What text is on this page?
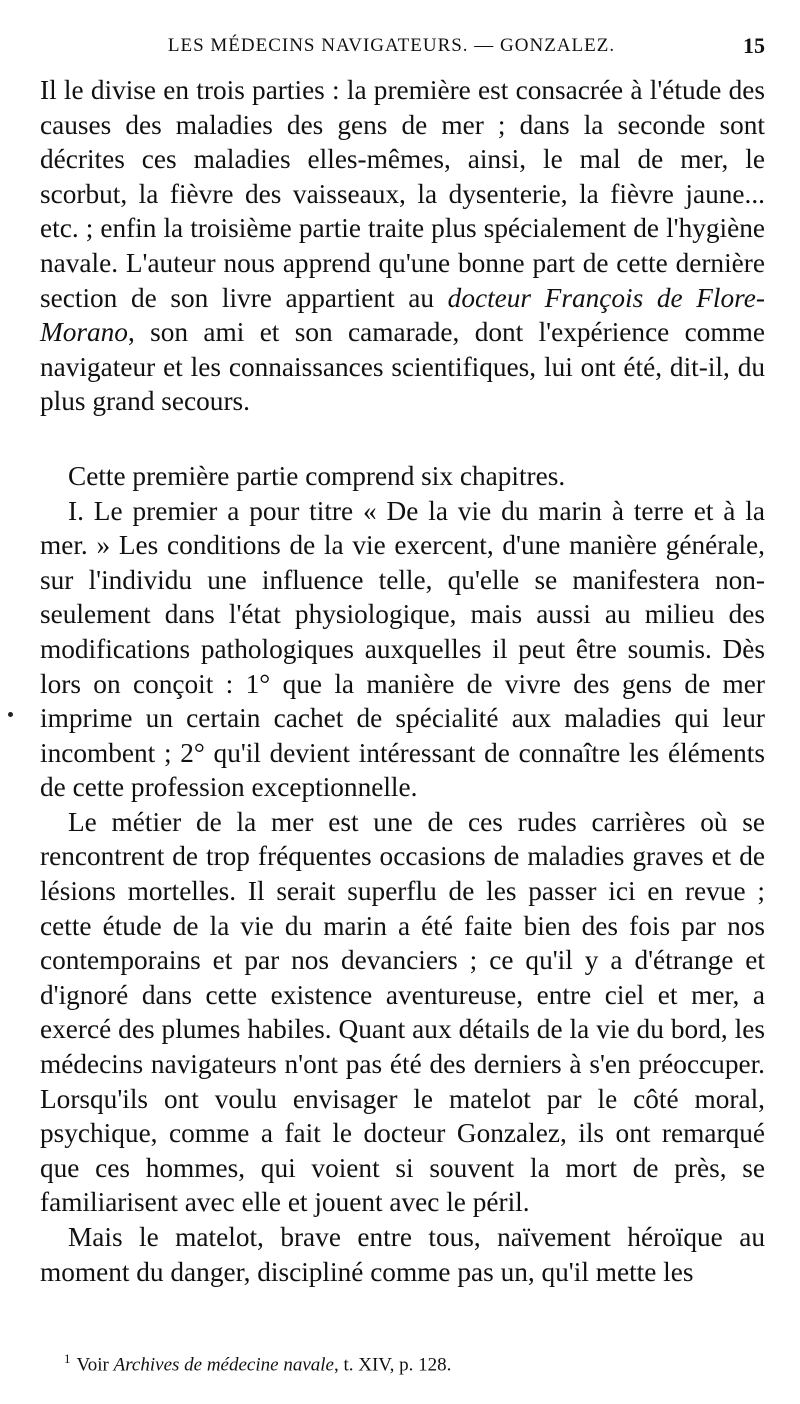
LES MÉDECINS NAVIGATEURS. — GONZALEZ.	15

Il le divise en trois parties : la première est consacrée à l'étude des causes des maladies des gens de mer ; dans la seconde sont décrites ces maladies elles-mêmes, ainsi, le mal de mer, le scorbut, la fièvre des vaisseaux, la dysenterie, la fièvre jaune... etc. ; enfin la troisième partie traite plus spécialement de l'hygiène navale. L'auteur nous apprend qu'une bonne part de cette dernière section de son livre appartient au docteur François de Flore-Morano, son ami et son camarade, dont l'expérience comme navigateur et les connaissances scientifiques, lui ont été, dit-il, du plus grand secours.

Cette première partie comprend six chapitres.

I. Le premier a pour titre « De la vie du marin à terre et à la mer. » Les conditions de la vie exercent, d'une manière générale, sur l'individu une influence telle, qu'elle se manifestera non-seulement dans l'état physiologique, mais aussi au milieu des modifications pathologiques auxquelles il peut être soumis. Dès lors on conçoit : 1° que la manière de vivre des gens de mer imprime un certain cachet de spécialité aux maladies qui leur incombent ; 2° qu'il devient intéressant de connaître les éléments de cette profession exceptionnelle.

Le métier de la mer est une de ces rudes carrières où se rencontrent de trop fréquentes occasions de maladies graves et de lésions mortelles. Il serait superflu de les passer ici en revue ; cette étude de la vie du marin a été faite bien des fois par nos contemporains et par nos devanciers ; ce qu'il y a d'étrange et d'ignoré dans cette existence aventureuse, entre ciel et mer, a exercé des plumes habiles. Quant aux détails de la vie du bord, les médecins navigateurs n'ont pas été des derniers à s'en préoccuper. Lorsqu'ils ont voulu envisager le matelot par le côté moral, psychique, comme a fait le docteur Gonzalez, ils ont remarqué que ces hommes, qui voient si souvent la mort de près, se familiarisent avec elle et jouent avec le péril.

Mais le matelot, brave entre tous, naïvement héroïque au moment du danger, discipliné comme pas un, qu'il mette les

$^1$ Voir Archives de médecine navale, t. XIV, p. 128.
